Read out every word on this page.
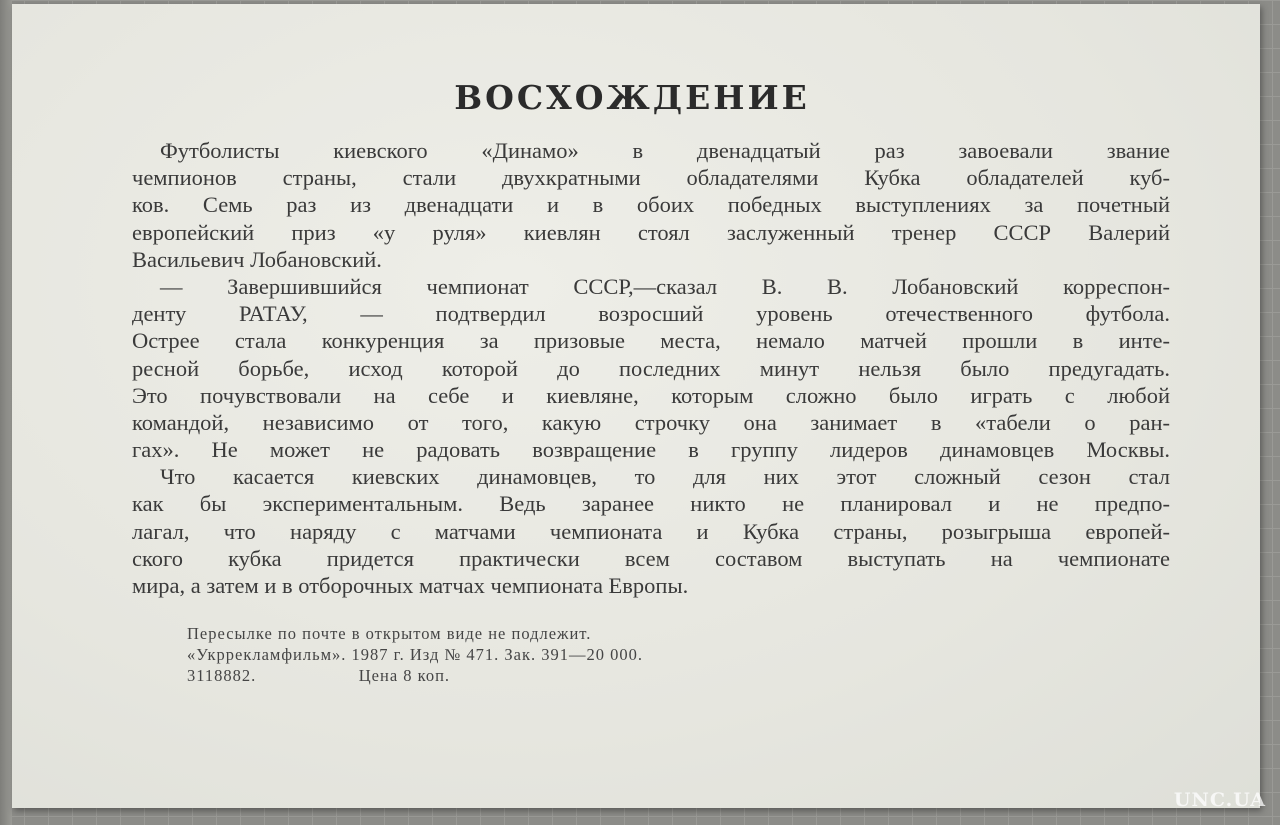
ВОСХОЖДЕНИЕ
Футболисты киевского «Динамо» в двенадцатый раз завоевали звание
чемпионов страны, стали двухкратными обладателями Кубка обладателей куб-
ков. Семь раз из двенадцати и в обоих победных выступлениях за почетный
европейский приз «у руля» киевлян стоял заслуженный тренер СССР Валерий
Васильевич Лобановский.
— Завершившийся чемпионат СССР,—сказал В. В. Лобановский корреспон-
денту РАТАУ, — подтвердил возросший уровень отечественного футбола.
Острее стала конкуренция за призовые места, немало матчей прошли в инте-
ресной борьбе, исход которой до последних минут нельзя было предугадать.
Это почувствовали на себе и киевляне, которым сложно было играть с любой
командой, независимо от того, какую строчку она занимает в «табели о ран-
гах». Не может не радовать возвращение в группу лидеров динамовцев Москвы.
Что касается киевских динамовцев, то для них этот сложный сезон стал
как бы экспериментальным. Ведь заранее никто не планировал и не предпо-
лагал, что наряду с матчами чемпионата и Кубка страны, розыгрыша европей-
ского кубка придется практически всем составом выступать на чемпионате
мира, а затем и в отборочных матчах чемпионата Европы.
Пересылке по почте в открытом виде не подлежит.
«Укррекламфильм». 1987 г. Изд № 471. Зак. 391—20 000.
3118882.                    Цена 8 коп.
UNC.UA
